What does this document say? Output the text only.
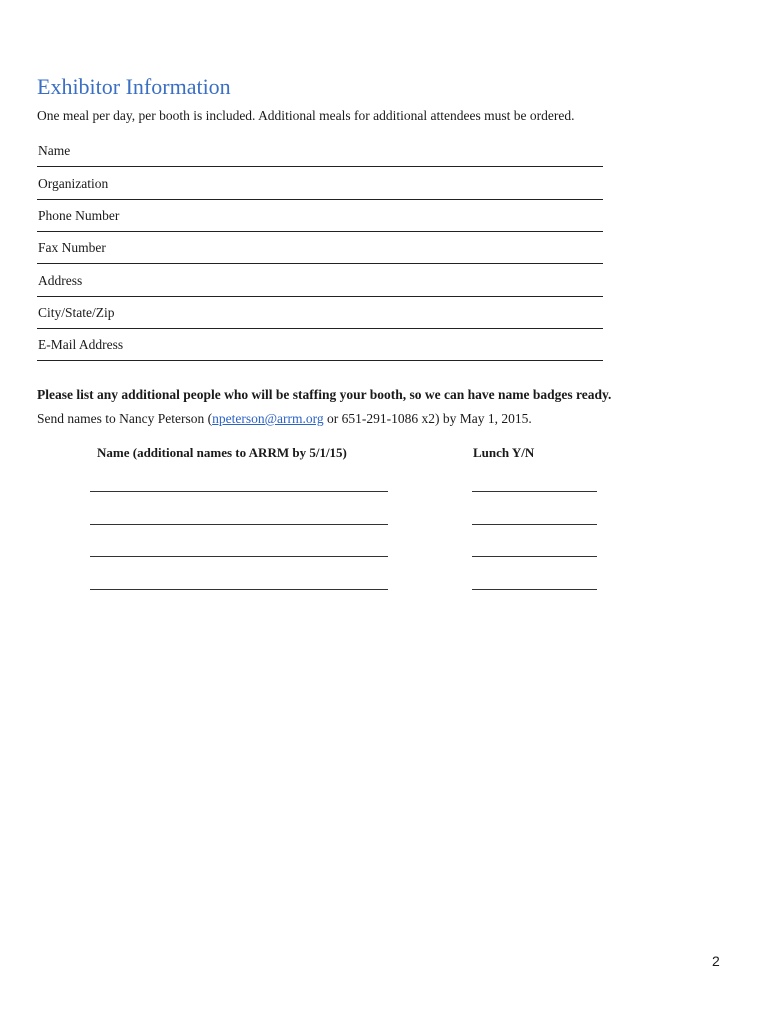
Exhibitor Information
One meal per day, per booth is included. Additional meals for additional attendees must be ordered.
Name
Organization
Phone Number
Fax Number
Address
City/State/Zip
E-Mail Address
Please list any additional people who will be staffing your booth, so we can have name badges ready.
Send names to Nancy Peterson (npeterson@arrm.org or 651-291-1086 x2) by May 1, 2015.
Name (additional names to ARRM by 5/1/15)	Lunch Y/N
2
